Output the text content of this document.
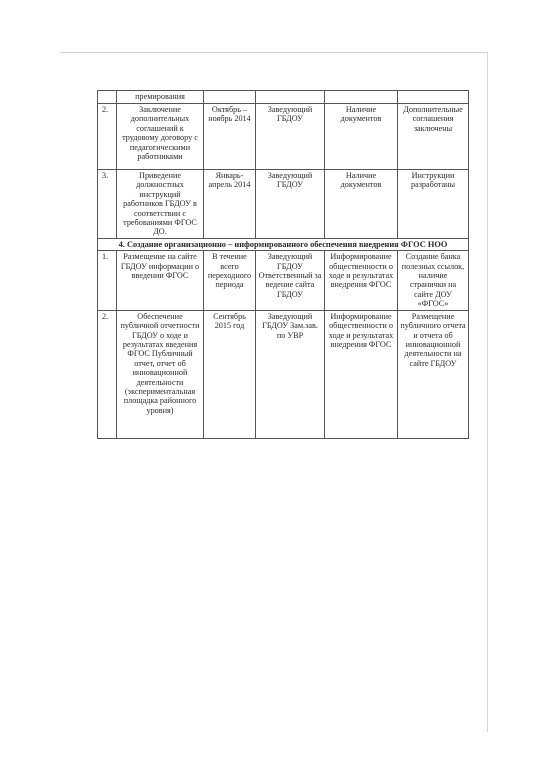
	премирования				
2.	Заключение дополнительных соглашений к трудовому договору с педагогическими работниками	Октябрь – ноябрь 2014	Заведующий ГБДОУ	Наличие документов	Дополнительные соглашения заключены
3.	Приведение должностных инструкций работников ГБДОУ в соответствии с требованиями ФГОС ДО.	Январь-апрель 2014	Заведующий ГБДОУ	Наличие документов	Инструкции разработаны
4. Создание организационно – информированного обеспечения внедрения ФГОС НОО					
1.	Размещение на сайте ГБДОУ информации о введении ФГОС	В течение всего переходного периода	Заведующий ГБДОУ Ответственный за ведение сайта ГБДОУ	Информирование общественности о ходе и результатах внедрения ФГОС	Создание банка полезных ссылок, наличие странички на сайте ДОУ «ФГОС»
2.	Обеспечение публичной отчетности ГБДОУ о ходе и результатах введения ФГОС Публичный отчет, отчет об инновационной деятельности (экспериментальная площадка районного уровня)	Сентябрь 2015 год	Заведующий ГБДОУ Зам.зав. по УВР	Информирование общественности о ходе и результатах внедрения ФГОС	Размещение публичного отчета и отчета об инновационной деятельности на сайте ГБДОУ
